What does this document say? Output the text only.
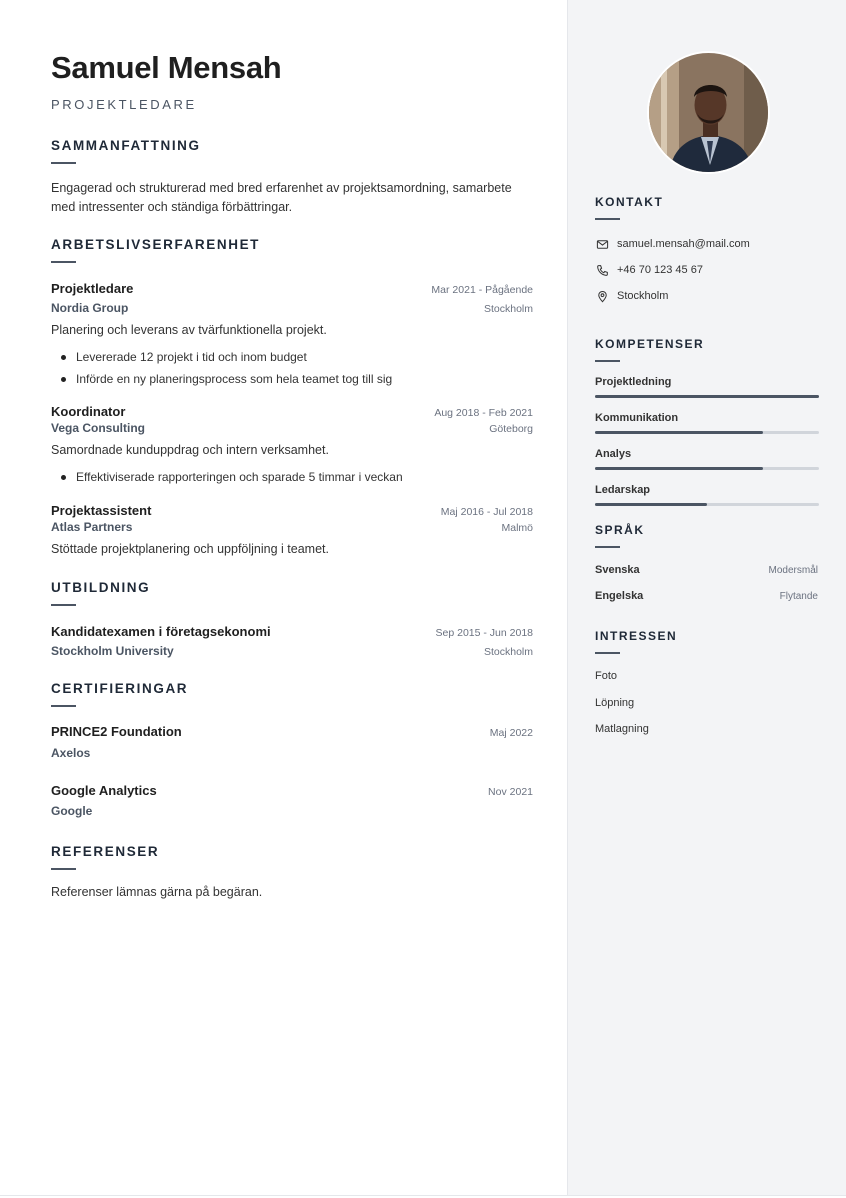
Samuel Mensah
PROJEKTLEDARE
SAMMANFATTNING
Engagerad och strukturerad med bred erfarenhet av projektsamordning, samarbete med intressenter och ständiga förbättringar.
ARBETSLIVSERFARENHET
Projektledare	Mar 2021 - Pågående
Nordia Group	Stockholm
Planering och leverans av tvärfunktionella projekt.
Levererade 12 projekt i tid och inom budget
Införde en ny planeringsprocess som hela teamet tog till sig
Koordinator	Aug 2018 - Feb 2021
Vega Consulting	Göteborg
Samordnade kunduppdrag och intern verksamhet.
Effektiviserade rapporteringen och sparade 5 timmar i veckan
Projektassistent	Maj 2016 - Jul 2018
Atlas Partners	Malmö
Stöttade projektplanering och uppföljning i teamet.
UTBILDNING
Kandidatexamen i företagsekonomi	Sep 2015 - Jun 2018
Stockholm University	Stockholm
CERTIFIERINGAR
PRINCE2 Foundation	Maj 2022
Axelos
Google Analytics	Nov 2021
Google
REFERENSER
Referenser lämnas gärna på begäran.
KONTAKT
samuel.mensah@mail.com
+46 70 123 45 67
Stockholm
KOMPETENSER
Projektledning
Kommunikation
Analys
Ledarskap
SPRÅK
Svenska	Modersmål
Engelska	Flytande
INTRESSEN
Foto
Löpning
Matlagning
